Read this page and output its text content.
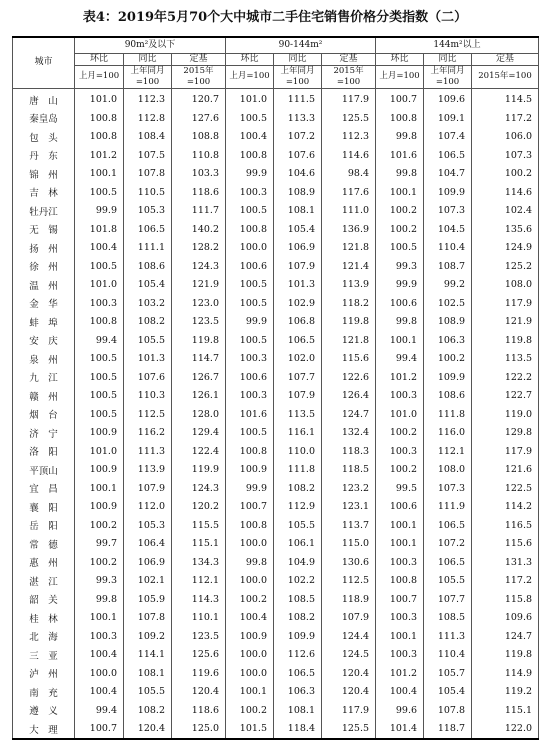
表4：2019年5月70个大中城市二手住宅销售价格分类指数（二）
城市	90m²及以下			90-144m²			144m²以上		
	环比	同比	定基	环比	同比	定基	环比	同比	定基
	上月=100	上年同月=100	2015年=100	上月=100	上年同月=100	2015年=100	上月=100	上年同月=100	2015年=100
唐　山	101.0	112.3	120.7	101.0	111.5	117.9	100.7	109.6	114.5
秦皇岛	100.8	112.8	127.6	100.5	113.3	125.5	100.8	109.1	117.2
包　头	100.8	108.4	108.8	100.4	107.2	112.3	99.8	107.4	106.0
丹　东	101.2	107.5	110.8	100.8	107.6	114.6	101.6	106.5	107.3
锦　州	100.1	107.8	103.3	99.9	104.6	98.4	99.8	104.7	100.2
吉　林	100.5	110.5	118.6	100.3	108.9	117.6	100.1	109.9	114.6
牡丹江	99.9	105.3	111.7	100.5	108.1	111.0	100.2	107.3	102.4
无　锡	101.8	106.5	140.2	100.8	105.4	136.9	100.2	104.5	135.6
扬　州	100.4	111.1	128.2	100.0	106.9	121.8	100.5	110.4	124.9
徐　州	100.5	108.6	124.3	100.6	107.9	121.4	99.3	108.7	125.2
温　州	101.0	105.4	121.9	100.5	101.3	113.9	99.9	99.2	108.0
金　华	100.3	103.2	123.0	100.5	102.9	118.2	100.6	102.5	117.9
蚌　埠	100.8	108.2	123.5	99.9	106.8	119.8	99.8	108.9	121.9
安　庆	99.4	105.5	119.8	100.5	106.5	121.8	100.1	106.3	119.8
泉　州	100.5	101.3	114.7	100.3	102.0	115.6	99.4	100.2	113.5
九　江	100.5	107.6	126.7	100.6	107.7	122.6	101.2	109.9	122.2
赣　州	100.5	110.3	126.1	100.3	107.9	126.4	100.3	108.6	122.7
烟　台	100.5	112.5	128.0	101.6	113.5	124.7	101.0	111.8	119.0
济　宁	100.9	116.2	129.4	100.5	116.1	132.4	100.2	116.0	129.8
洛　阳	101.0	111.3	122.4	100.8	110.0	118.3	100.3	112.1	117.9
平顶山	100.9	113.9	119.9	100.9	111.8	118.5	100.2	108.0	121.6
宜　昌	100.1	107.9	124.3	99.9	108.2	123.2	99.5	107.3	122.5
襄　阳	100.9	112.0	120.2	100.7	112.9	123.1	100.6	111.9	114.2
岳　阳	100.2	105.3	115.5	100.8	105.5	113.7	100.1	106.5	116.5
常　德	99.7	106.4	115.1	100.0	106.1	115.0	100.1	107.2	115.6
惠　州	100.2	106.9	134.3	99.8	104.9	130.6	100.3	106.5	131.3
湛　江	99.3	102.1	112.1	100.0	102.2	112.5	100.8	105.5	117.2
韶　关	99.8	105.9	114.3	100.2	108.5	118.9	100.7	107.7	115.8
桂　林	100.1	107.8	110.1	100.4	108.2	107.9	100.3	108.5	109.6
北　海	100.3	109.2	123.5	100.9	109.9	124.4	100.1	111.3	124.7
三　亚	100.4	114.1	125.6	100.0	112.6	124.5	100.3	110.4	119.8
泸　州	100.0	108.1	119.6	100.0	106.5	120.4	101.2	105.7	114.9
南　充	100.4	105.5	120.4	100.1	106.3	120.4	100.4	105.4	119.2
遵　义	99.4	108.2	118.6	100.2	108.1	117.9	99.6	107.8	115.1
大　理	100.7	120.4	125.0	101.5	118.4	125.5	101.4	118.7	122.0
